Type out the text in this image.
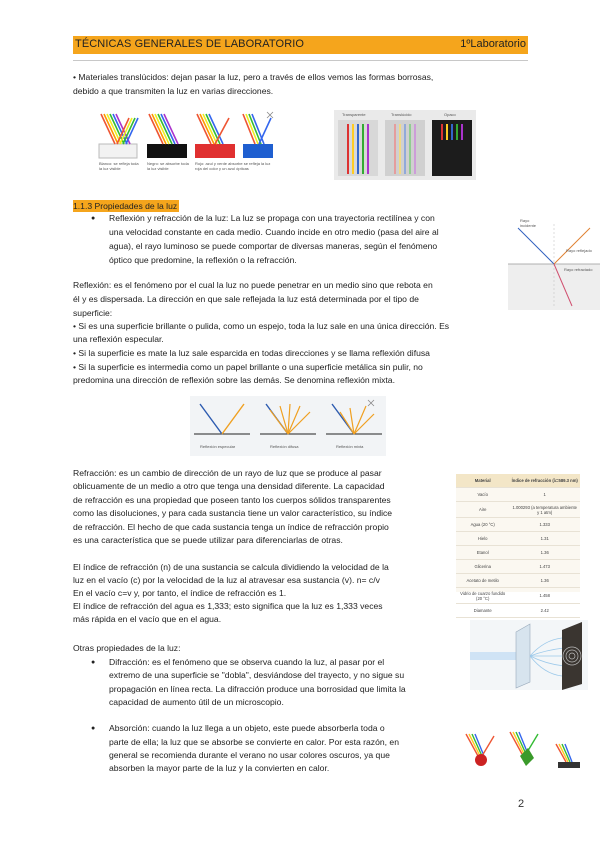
TÉCNICAS GENERALES DE LABORATORIO	1ºLaboratorio
• Materiales translúcidos: dejan pasar la luz, pero a través de ellos vemos las formas borrosas,
debido a que transmiten la luz en varias direcciones.
Blanco: se refleja toda la luz visible
Negro: se absorbe toda la luz visible
Rojo: azul y verde absorbe se refleja la luz roja del color y un azul ópticas
Transparente	Translúcido	Opaco
1.1.3 Propiedades de la luz
Reflexión y refracción de la luz: La luz se propaga con una trayectoria rectilínea y con
una velocidad constante en cada medio. Cuando incide en otro medio (pasa del aire al
agua), el rayo luminoso se puede comportar de diversas maneras, según el fenómeno
óptico que predomine, la reflexión o la refracción.
Rayo incidente
Rayo reflejado
Rayo refractado
Reflexión: es el fenómeno por el cual la luz no puede penetrar en un medio sino que rebota en
él y es dispersada. La dirección en que sale reflejada la luz está determinada por el tipo de
superficie:
• Si es una superficie brillante o pulida, como un espejo, toda la luz sale en una única dirección. Es
una reflexión especular.
• Si la superficie es mate la luz sale esparcida en todas direcciones y se llama reflexión difusa
• Si la superficie es intermedia como un papel brillante o una superficie metálica sin pulir, no
predomina una dirección de reflexión sobre las demás. Se denomina reflexión mixta.
Reflexión especular	Reflexión difusa	Reflexión mixta
Refracción: es un cambio de dirección de un rayo de luz que se produce al pasar
oblicuamente de un medio a otro que tenga una densidad diferente. La capacidad
de refracción es una propiedad que poseen tanto los cuerpos sólidos transparentes
como las disoluciones, y para cada sustancia tiene un valor característico, su índice
de refracción. El hecho de que cada sustancia tenga un índice de refracción propio
es una característica que se puede utilizar para diferenciarlas de otras.
Material	Índice de refracción (λ=589.3 nm)
Vacío	1
Aire	1.000293 (a temperatura ambiente y 1 atm)
Agua (20 °C)	1.333
Hielo	1.31
Etanol	1.36
Glicerina	1.473
Acetato de metilo	1.36
Vidrio de cuarzo fundido (20 °C)	1.458
Diamante	2.42
El índice de refracción (n) de una sustancia se calcula dividiendo la velocidad de la
luz en el vacío (c) por la velocidad de la luz al atravesar esa sustancia (v). n= c/v
En el vacío c=v y, por tanto, el índice de refracción es 1.
El índice de refracción del agua es 1,333; esto significa que la luz es 1,333 veces
más rápida en el vacío que en el agua.
Otras propiedades de la luz:
Difracción: es el fenómeno que se observa cuando la luz, al pasar por el
extremo de una superficie se "dobla", desviándose del trayecto, y no sigue su
propagación en línea recta. La difracción produce una borrosidad que limita la
capacidad de aumento útil de un microscopio.
Absorción: cuando la luz llega a un objeto, este puede absorberla toda o
parte de ella; la luz que se absorbe se convierte en calor. Por esta razón, en
general se recomienda durante el verano no usar colores oscuros, ya que
absorben la mayor parte de la luz y la convierten en calor.
2
